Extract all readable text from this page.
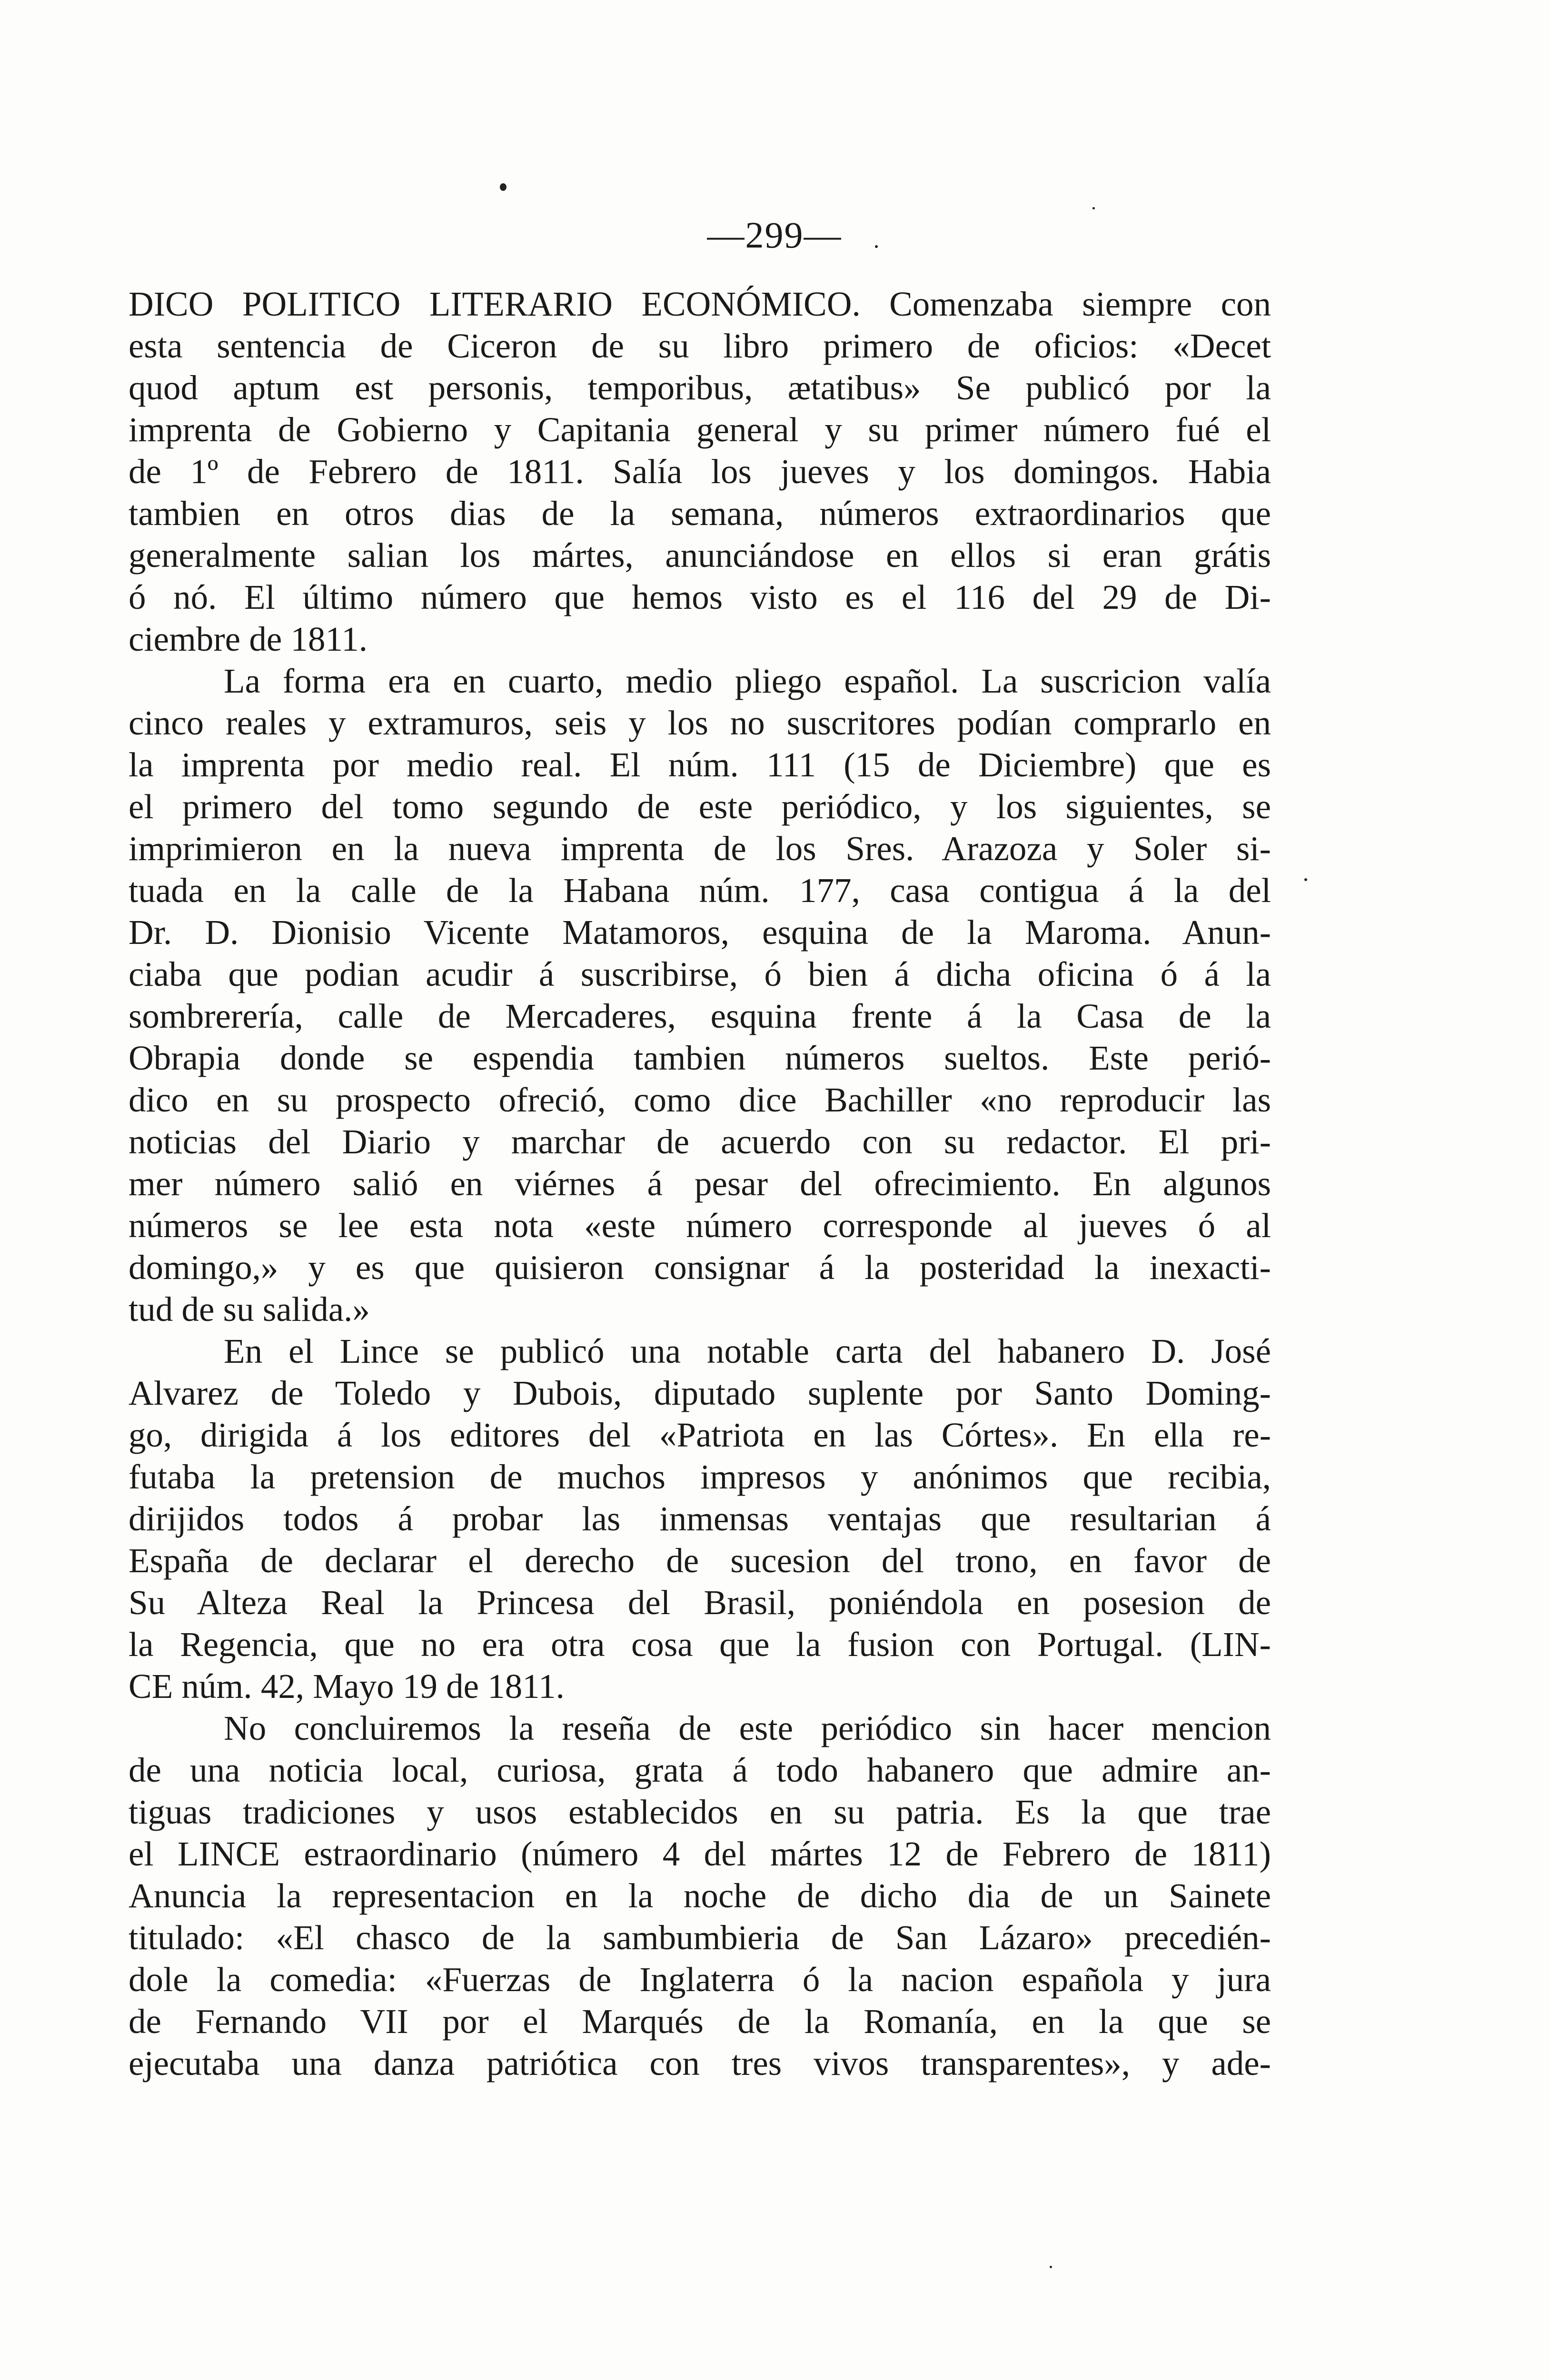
—299—
DICO POLITICO LITERARIO ECONÓMICO. Comenzaba siempre con
esta sentencia de Ciceron de su libro primero de oficios: «Decet
quod aptum est personis, temporibus, ætatibus» Se publicó por la
imprenta de Gobierno y Capitania general y su primer número fué el
de 1º de Febrero de 1811. Salía los jueves y los domingos. Habia
tambien en otros dias de la semana, números extraordinarios que
generalmente salian los mártes, anunciándose en ellos si eran grátis
ó nó. El último número que hemos visto es el 116 del 29 de Di-
ciembre de 1811.
La forma era en cuarto, medio pliego español. La suscricion valía
cinco reales y extramuros, seis y los no suscritores podían comprarlo en
la imprenta por medio real. El núm. 111 (15 de Diciembre) que es
el primero del tomo segundo de este periódico, y los siguientes, se
imprimieron en la nueva imprenta de los Sres. Arazoza y Soler si-
tuada en la calle de la Habana núm. 177, casa contigua á la del
Dr. D. Dionisio Vicente Matamoros, esquina de la Maroma. Anun-
ciaba que podian acudir á suscribirse, ó bien á dicha oficina ó á la
sombrerería, calle de Mercaderes, esquina frente á la Casa de la
Obrapia donde se espendia tambien números sueltos. Este perió-
dico en su prospecto ofreció, como dice Bachiller «no reproducir las
noticias del Diario y marchar de acuerdo con su redactor. El pri-
mer número salió en viérnes á pesar del ofrecimiento. En algunos
números se lee esta nota «este número corresponde al jueves ó al
domingo,» y es que quisieron consignar á la posteridad la inexacti-
tud de su salida.»
En el Lince se publicó una notable carta del habanero D. José
Alvarez de Toledo y Dubois, diputado suplente por Santo Doming-
go, dirigida á los editores del «Patriota en las Córtes». En ella re-
futaba la pretension de muchos impresos y anónimos que recibia,
dirijidos todos á probar las inmensas ventajas que resultarian á
España de declarar el derecho de sucesion del trono, en favor de
Su Alteza Real la Princesa del Brasil, poniéndola en posesion de
la Regencia, que no era otra cosa que la fusion con Portugal. (LIN-
CE núm. 42, Mayo 19 de 1811.
No concluiremos la reseña de este periódico sin hacer mencion
de una noticia local, curiosa, grata á todo habanero que admire an-
tiguas tradiciones y usos establecidos en su patria. Es la que trae
el LINCE estraordinario (número 4 del mártes 12 de Febrero de 1811)
Anuncia la representacion en la noche de dicho dia de un Sainete
titulado: «El chasco de la sambumbieria de San Lázaro» precedién-
dole la comedia: «Fuerzas de Inglaterra ó la nacion española y jura
de Fernando VII por el Marqués de la Romanía, en la que se
ejecutaba una danza patriótica con tres vivos transparentes», y ade-
